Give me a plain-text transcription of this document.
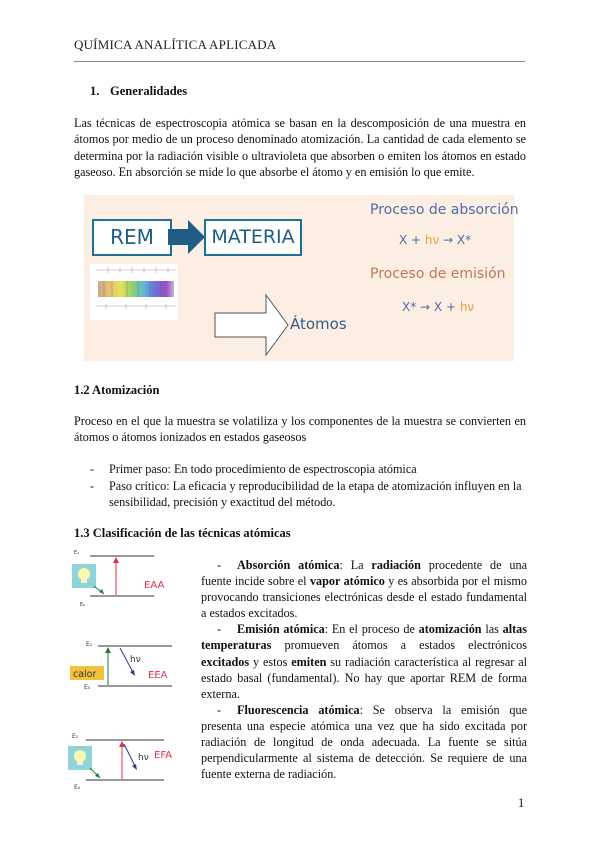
QUÍMICA ANALÍTICA APLICADA
1. Generalidades
Las técnicas de espectroscopia atómica se basan en la descomposición de una muestra en átomos por medio de un proceso denominado atomización. La cantidad de cada elemento se determina por la radiación visible o ultravioleta que absorben o emiten los átomos en estado gaseoso. En absorción se mide lo que absorbe el átomo y en emisión lo que emite.
REM	MATERIA
Átomos
Proceso de absorción
X + hν → X*
Proceso de emisión
X* → X + hν
1.2 Atomización
Proceso en el que la muestra se volatiliza y los componentes de la muestra se convierten en átomos o átomos ionizados en estados gaseosos
- Primer paso: En todo procedimiento de espectroscopia atómica
- Paso crítico: La eficacia y reproducibilidad de la etapa de atomización influyen en la sensibilidad, precisión y exactitud del método.
1.3 Clasificación de las técnicas atómicas
EAA
E₁
E₀
E₁
E₀
calor
hν
EEA
E₁
E₀
hν EFA

- Absorción atómica: La radiación procedente de una fuente incide sobre el vapor atómico y es absorbida por el mismo provocando transiciones electrónicas desde el estado fundamental a estados excitados.

- Emisión atómica: En el proceso de atomización las altas temperaturas promueven átomos a estados electrónicos excitados y estos emiten su radiación característica al regresar al estado basal (fundamental). No hay que aportar REM de forma externa.

- Fluorescencia atómica: Se observa la emisión que presenta una especie atómica una vez que ha sido excitada por radiación de longitud de onda adecuada. La fuente se sitúa perpendicularmente al sistema de detección. Se requiere de una fuente externa de radiación.

1
